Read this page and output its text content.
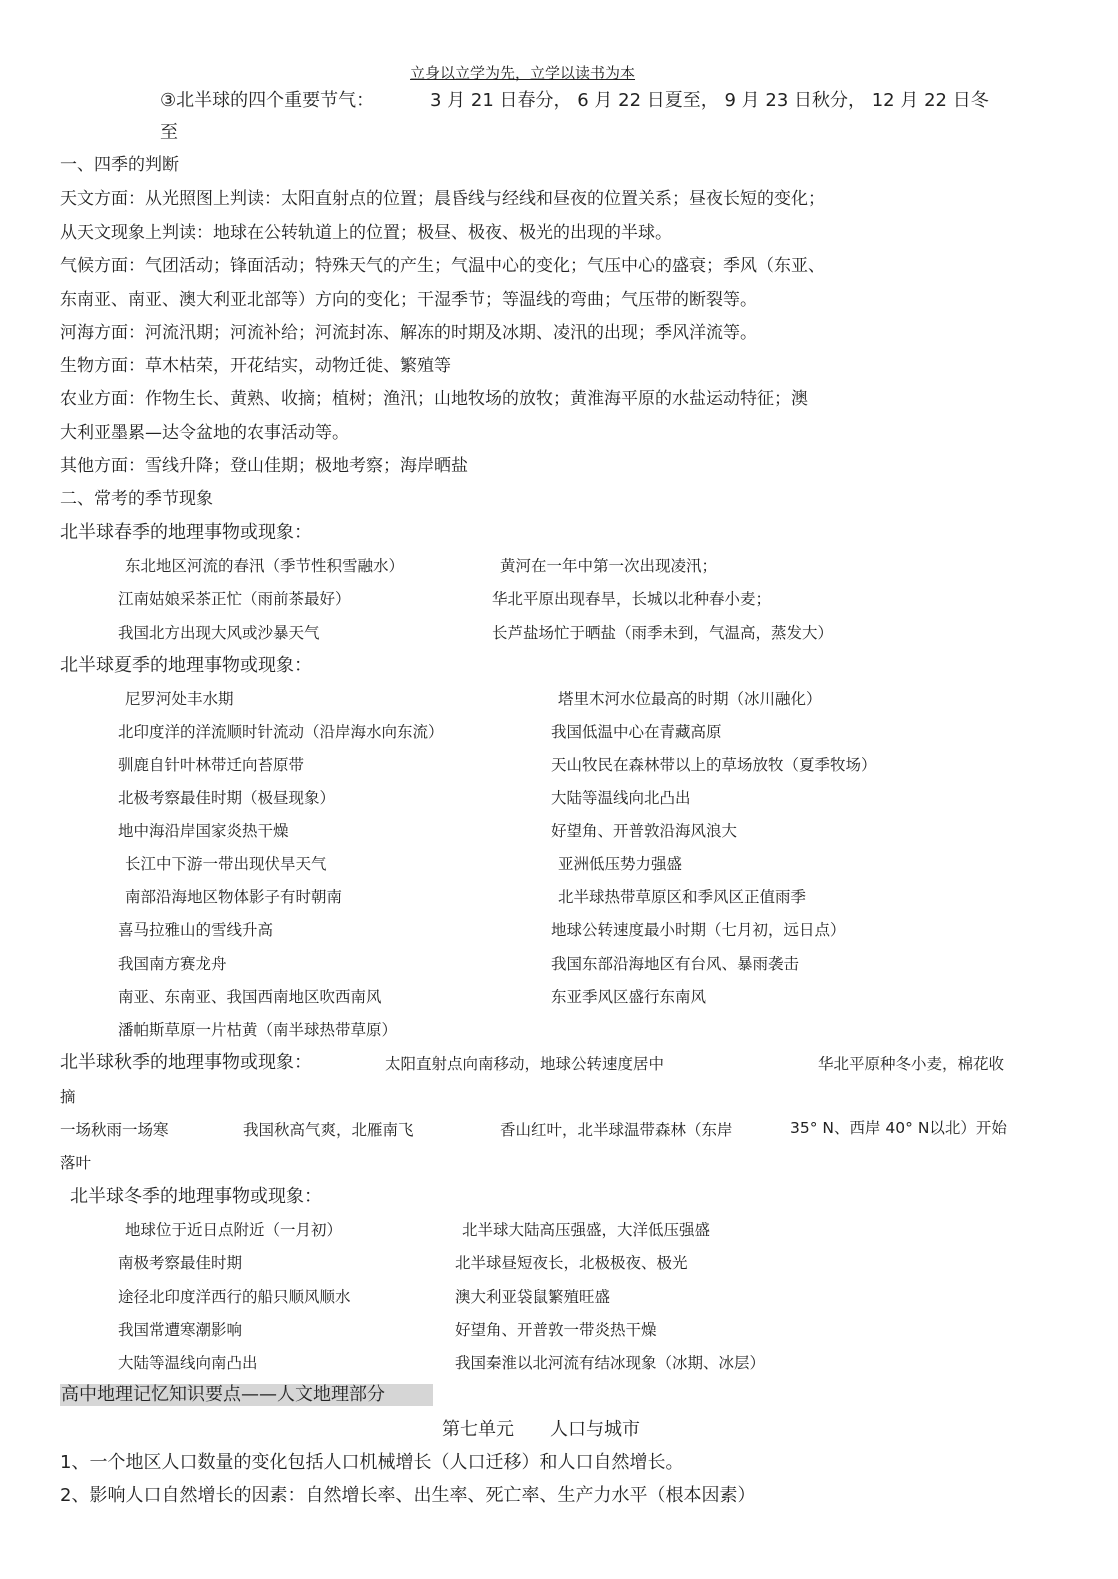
立身以立学为先，立学以读书为本
③北半球的四个重要节气：	3 月 21 日春分， 6 月 22 日夏至， 9 月 23 日秋分， 12 月 22 日冬
至
一、四季的判断
天文方面：从光照图上判读：太阳直射点的位置；晨昏线与经线和昼夜的位置关系；昼夜长短的变化；
从天文现象上判读：地球在公转轨道上的位置；极昼、极夜、极光的出现的半球。
气候方面：气团活动；锋面活动；特殊天气的产生；气温中心的变化；气压中心的盛衰；季风（东亚、
东南亚、南亚、澳大利亚北部等）方向的变化；干湿季节；等温线的弯曲；气压带的断裂等。
河海方面：河流汛期；河流补给；河流封冻、解冻的时期及冰期、凌汛的出现；季风洋流等。
生物方面：草木枯荣，开花结实，动物迁徙、繁殖等
农业方面：作物生长、黄熟、收摘；植树；渔汛；山地牧场的放牧；黄淮海平原的水盐运动特征；澳
大利亚墨累—达令盆地的农事活动等。
其他方面：雪线升降；登山佳期；极地考察；海岸晒盐
二、常考的季节现象
北半球春季的地理事物或现象：
东北地区河流的春汛（季节性积雪融水）	黄河在一年中第一次出现凌汛；
江南姑娘采茶正忙（雨前茶最好）	华北平原出现春旱，长城以北种春小麦；
我国北方出现大风或沙暴天气	长芦盐场忙于晒盐（雨季未到，气温高，蒸发大）
北半球夏季的地理事物或现象：
尼罗河处丰水期	塔里木河水位最高的时期（冰川融化）
北印度洋的洋流顺时针流动（沿岸海水向东流）	我国低温中心在青藏高原
驯鹿自针叶林带迁向苔原带	天山牧民在森林带以上的草场放牧（夏季牧场）
北极考察最佳时期（极昼现象）	大陆等温线向北凸出
地中海沿岸国家炎热干燥	好望角、开普敦沿海风浪大
长江中下游一带出现伏旱天气	亚洲低压势力强盛
南部沿海地区物体影子有时朝南	北半球热带草原区和季风区正值雨季
喜马拉雅山的雪线升高	地球公转速度最小时期（七月初，远日点）
我国南方赛龙舟	我国东部沿海地区有台风、暴雨袭击
南亚、东南亚、我国西南地区吹西南风	东亚季风区盛行东南风
潘帕斯草原一片枯黄（南半球热带草原）
北半球秋季的地理事物或现象：	太阳直射点向南移动，地球公转速度居中	华北平原种冬小麦，棉花收
摘
一场秋雨一场寒	我国秋高气爽，北雁南飞	香山红叶，北半球温带森林（东岸	35° N、西岸 40° N以北）开始
落叶
北半球冬季的地理事物或现象：
地球位于近日点附近（一月初）	北半球大陆高压强盛，大洋低压强盛
南极考察最佳时期	北半球昼短夜长，北极极夜、极光
途径北印度洋西行的船只顺风顺水	澳大利亚袋鼠繁殖旺盛
我国常遭寒潮影响	好望角、开普敦一带炎热干燥
大陆等温线向南凸出	我国秦淮以北河流有结冰现象（冰期、冰层）
高中地理记忆知识要点——人文地理部分
第七单元　　人口与城市
1、一个地区人口数量的变化包括人口机械增长（人口迁移）和人口自然增长。
2、影响人口自然增长的因素：自然增长率、出生率、死亡率、生产力水平（根本因素）
